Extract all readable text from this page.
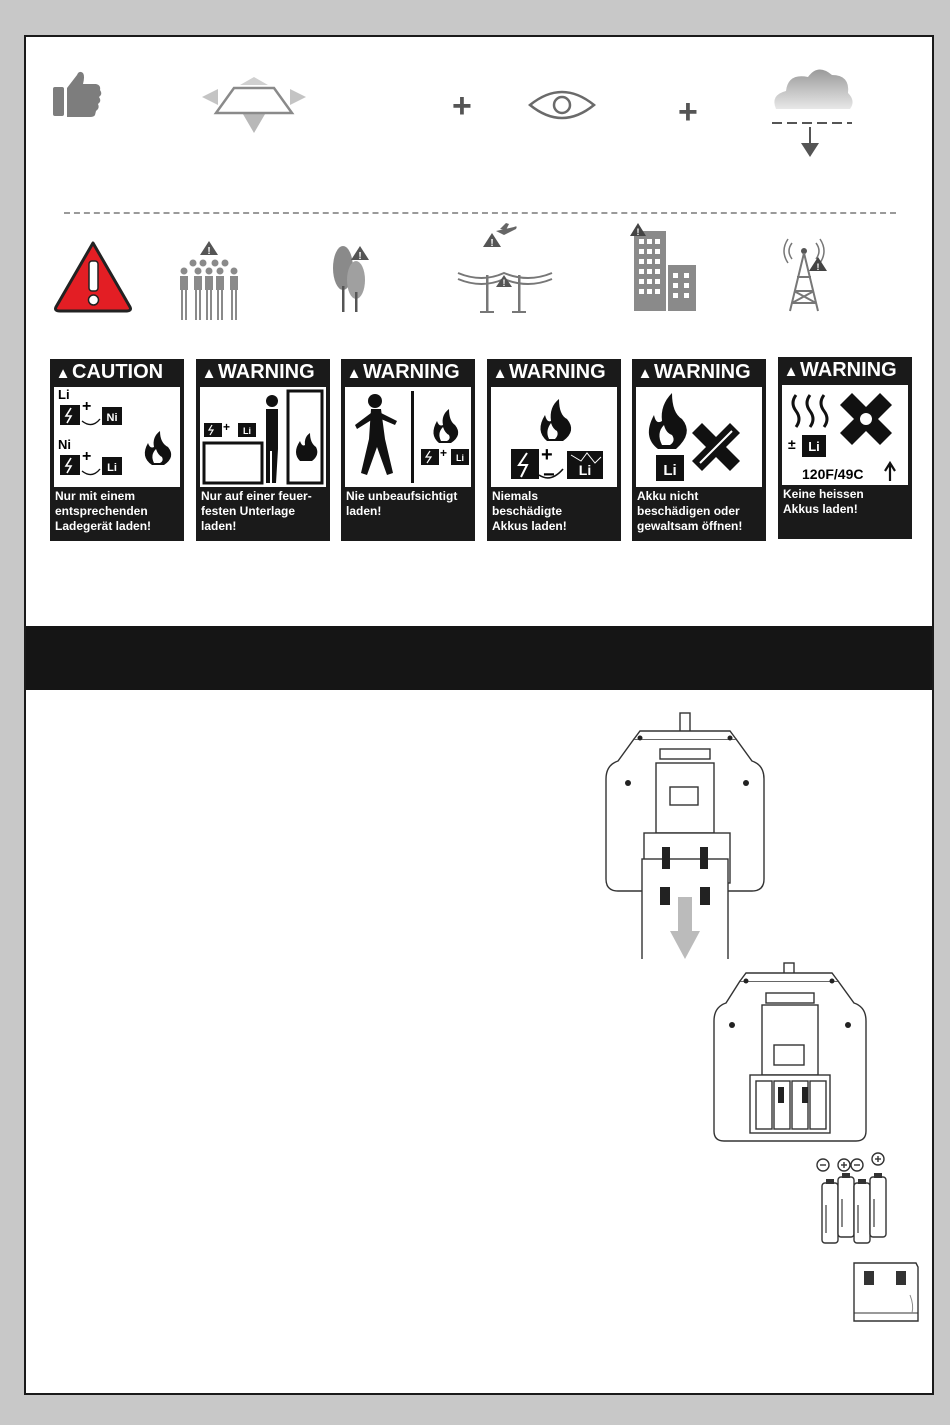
+	+
!	!
!
!
!
!
▲CAUTION
Li
+
Ni
Ni
+
Li
Nur mit einem
entsprechenden
Ladegerät laden!
▲WARNING
+ Li
Nur auf einer feuer-
festen Unterlage
laden!
▲WARNING
+ Li
Nie unbeaufsichtigt
laden!
▲WARNING
+
− Li
Niemals
beschädigte
Akkus laden!
▲WARNING
Li
Akku nicht
beschädigen oder
gewaltsam öffnen!
▲WARNING
± Li
120F/49C
Keine heissen
Akkus laden!
